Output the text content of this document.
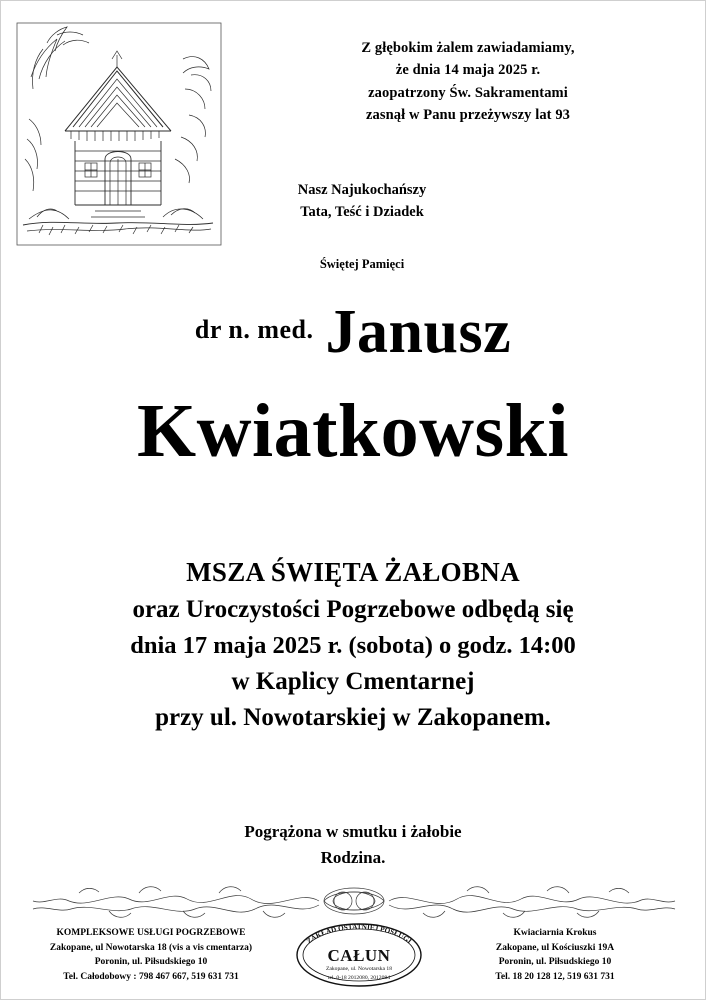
Z głębokim żalem zawiadamiamy,
że dnia 14 maja 2025 r.
zaopatrzony Św. Sakramentami
zasnął w Panu przeżywszy lat 93
Nasz Najukochańszy
Tata, Teść i Dziadek
Świętej Pamięci
dr n. med. Janusz
Kwiatkowski
MSZA ŚWIĘTA ŻAŁOBNA
oraz Uroczystości Pogrzebowe odbędą się
dnia 17 maja 2025 r. (sobota) o godz. 14:00
w Kaplicy Cmentarnej
przy ul. Nowotarskiej w Zakopanem.
Pogrążona w smutku i żałobie
Rodzina.
KOMPLEKSOWE USŁUGI POGRZEBOWE
Zakopane, ul Nowotarska 18 (vis a vis cmentarza)
Poronin, ul. Piłsudskiego 10
Tel. Całodobowy : 798 467 667, 519 631 731
ZAKŁAD OSTATNIEJ POSŁUGI
CAŁUN
Zakopane, ul. Nowotarska 18
tel. 0-18 2012080, 2012084
Kwiaciarnia Krokus
Zakopane, ul Kościuszki 19A
Poronin, ul. Piłsudskiego 10
Tel. 18 20 128 12, 519 631 731
